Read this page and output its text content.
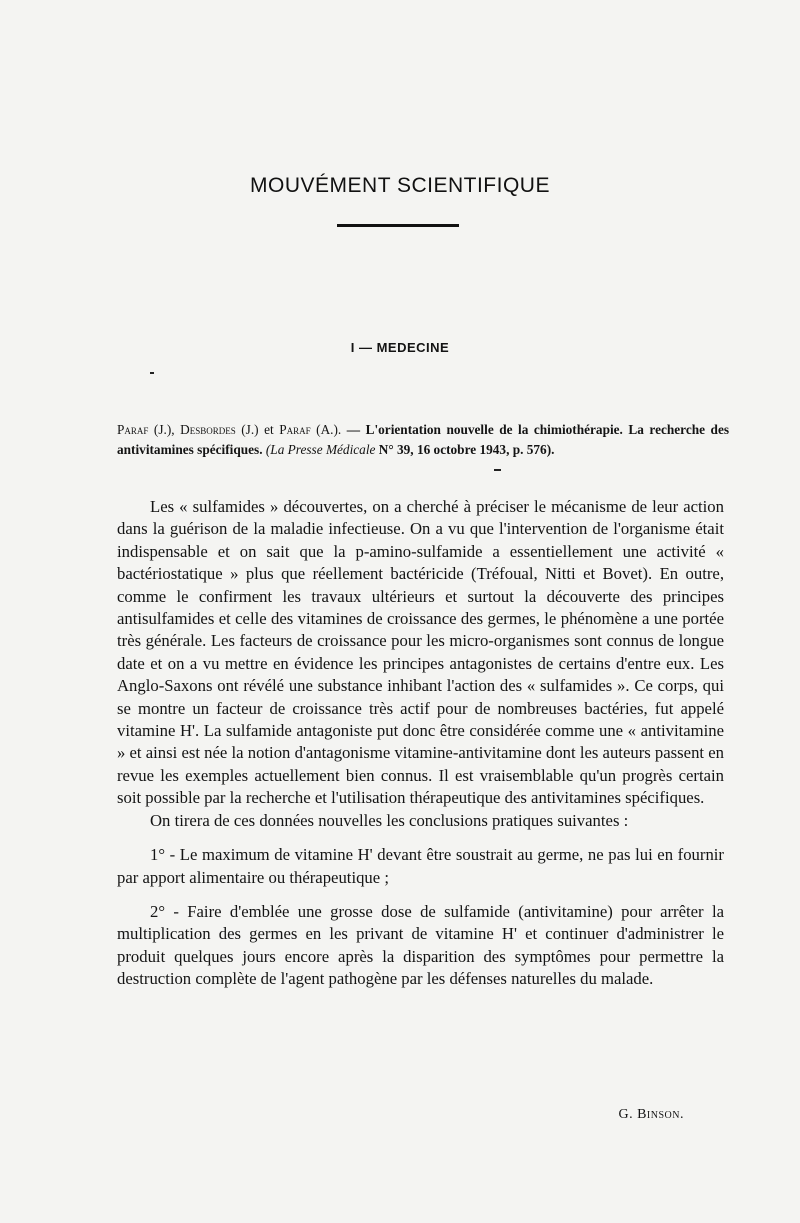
MOUVÉMENT SCIENTIFIQUE
I — MEDECINE
Paraf (J.), Desbordes (J.) et Paraf (A.). — L'orientation nouvelle de la chimiothérapie. La recherche des antivitamines spécifiques. (La Presse Médicale N° 39, 16 octobre 1943, p. 576).

Les « sulfamides » découvertes, on a cherché à préciser le mécanisme de leur action dans la guérison de la maladie infectieuse. On a vu que l'intervention de l'organisme était indispensable et on sait que la p-amino-sulfamide a essentiellement une activité « bactériostatique » plus que réellement bactéricide (Tréfoual, Nitti et Bovet). En outre, comme le confirment les travaux ultérieurs et surtout la découverte des principes antisulfamides et celle des vitamines de croissance des germes, le phénomène a une portée très générale. Les facteurs de croissance pour les micro-organismes sont connus de longue date et on a vu mettre en évidence les principes antagonistes de certains d'entre eux. Les Anglo-Saxons ont révélé une substance inhibant l'action des « sulfamides ». Ce corps, qui se montre un facteur de croissance très actif pour de nombreuses bactéries, fut appelé vitamine H'. La sulfamide antagoniste put donc être considérée comme une « antivitamine » et ainsi est née la notion d'antagonisme vitamine-antivitamine dont les auteurs passent en revue les exemples actuellement bien connus. Il est vraisemblable qu'un progrès certain soit possible par la recherche et l'utilisation thérapeutique des antivitamines spécifiques.

On tirera de ces données nouvelles les conclusions pratiques suivantes :

1° - Le maximum de vitamine H' devant être soustrait au germe, ne pas lui en fournir par apport alimentaire ou thérapeutique ;

2° - Faire d'emblée une grosse dose de sulfamide (antivitamine) pour arrêter la multiplication des germes en les privant de vitamine H' et continuer d'administrer le produit quelques jours encore après la disparition des symptômes pour permettre la destruction complète de l'agent pathogène par les défenses naturelles du malade.

G. Binson.
